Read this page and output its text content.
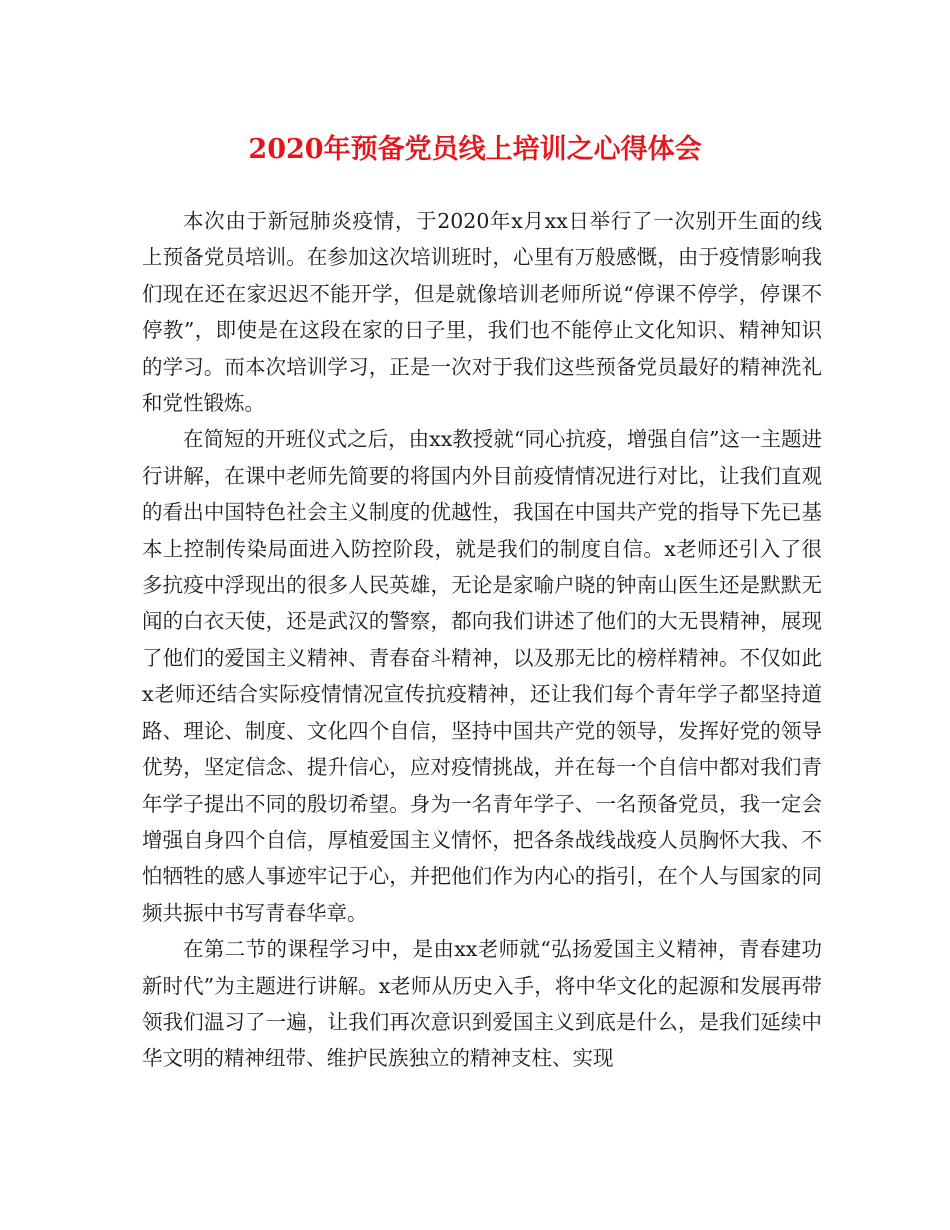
2020年预备党员线上培训之心得体会

本次由于新冠肺炎疫情，于2020年x月xx日举行了一次别开生面的线上预备党员培训。在参加这次培训班时，心里有万般感慨，由于疫情影响我们现在还在家迟迟不能开学，但是就像培训老师所说“停课不停学，停课不停教”，即使是在这段在家的日子里，我们也不能停止文化知识、精神知识的学习。而本次培训学习，正是一次对于我们这些预备党员最好的精神洗礼和党性锻炼。

在简短的开班仪式之后，由xx教授就“同心抗疫，增强自信”这一主题进行讲解，在课中老师先简要的将国内外目前疫情情况进行对比，让我们直观的看出中国特色社会主义制度的优越性，我国在中国共产党的指导下先已基本上控制传染局面进入防控阶段，就是我们的制度自信。x老师还引入了很多抗疫中浮现出的很多人民英雄，无论是家喻户晓的钟南山医生还是默默无闻的白衣天使，还是武汉的警察，都向我们讲述了他们的大无畏精神，展现了他们的爱国主义精神、青春奋斗精神，以及那无比的榜样精神。不仅如此x老师还结合实际疫情情况宣传抗疫精神，还让我们每个青年学子都坚持道路、理论、制度、文化四个自信，坚持中国共产党的领导，发挥好党的领导优势，坚定信念、提升信心，应对疫情挑战，并在每一个自信中都对我们青年学子提出不同的殷切希望。身为一名青年学子、一名预备党员，我一定会增强自身四个自信，厚植爱国主义情怀，把各条战线战疫人员胸怀大我、不怕牺牲的感人事迹牢记于心，并把他们作为内心的指引，在个人与国家的同频共振中书写青春华章。

在第二节的课程学习中，是由xx老师就“弘扬爱国主义精神，青春建功新时代”为主题进行讲解。x老师从历史入手，将中华文化的起源和发展再带领我们温习了一遍，让我们再次意识到爱国主义到底是什么，是我们延续中华文明的精神纽带、维护民族独立的精神支柱、实现
